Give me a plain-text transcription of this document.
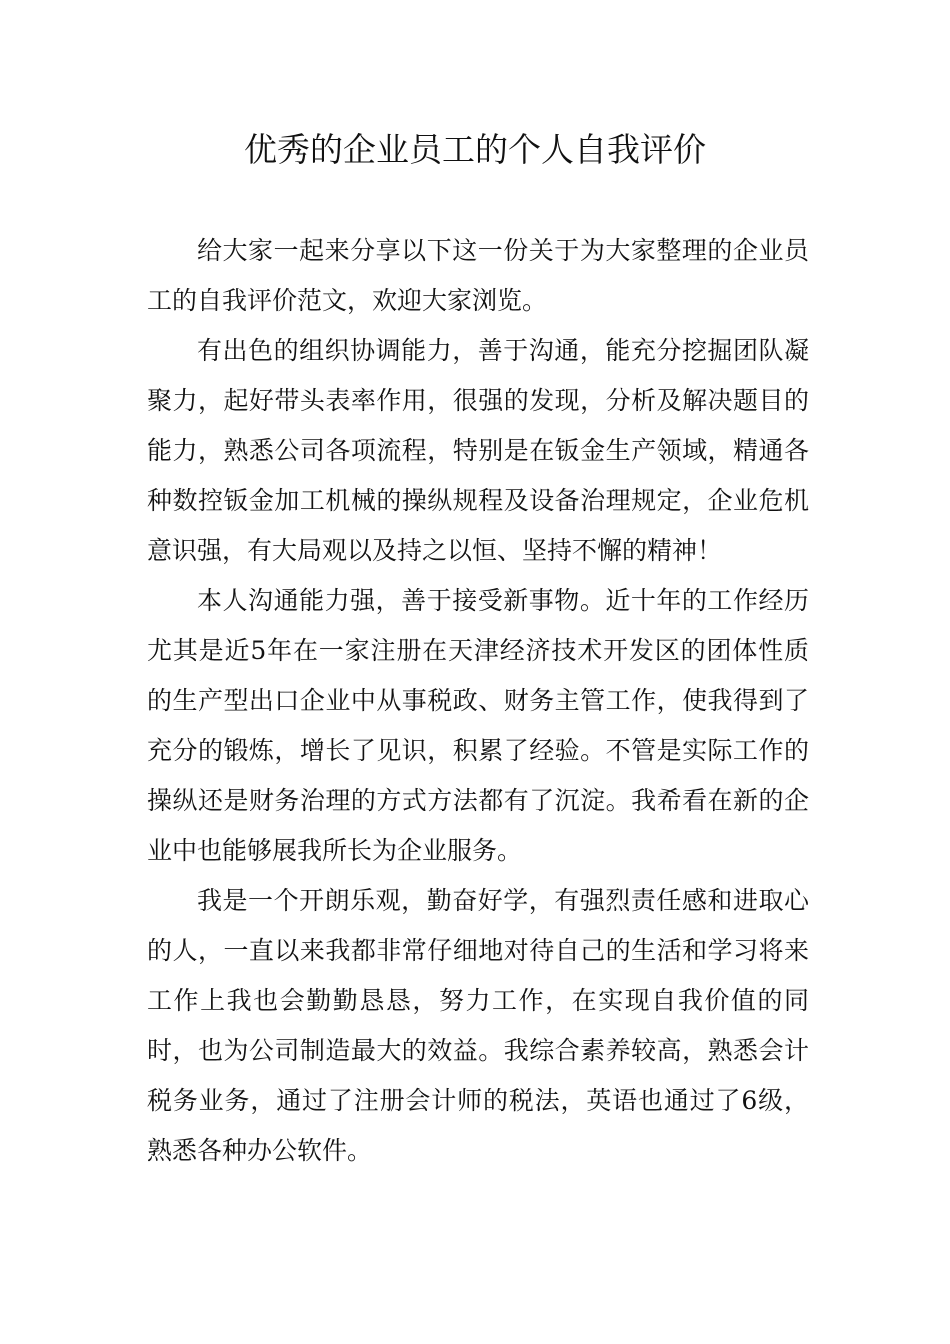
优秀的企业员工的个人自我评价

给大家一起来分享以下这一份关于为大家整理的企业员工的自我评价范文，欢迎大家浏览。

有出色的组织协调能力，善于沟通，能充分挖掘团队凝聚力，起好带头表率作用，很强的发现，分析及解决题目的能力，熟悉公司各项流程，特别是在钣金生产领域，精通各种数控钣金加工机械的操纵规程及设备治理规定，企业危机意识强，有大局观以及持之以恒、坚持不懈的精神！

本人沟通能力强，善于接受新事物。近十年的工作经历尤其是近5年在一家注册在天津经济技术开发区的团体性质的生产型出口企业中从事税政、财务主管工作，使我得到了充分的锻炼，增长了见识，积累了经验。不管是实际工作的操纵还是财务治理的方式方法都有了沉淀。我希看在新的企业中也能够展我所长为企业服务。

我是一个开朗乐观，勤奋好学，有强烈责任感和进取心的人，一直以来我都非常仔细地对待自己的生活和学习将来工作上我也会勤勤恳恳，努力工作，在实现自我价值的同时，也为公司制造最大的效益。我综合素养较高，熟悉会计税务业务，通过了注册会计师的税法，英语也通过了6级，熟悉各种办公软件。
